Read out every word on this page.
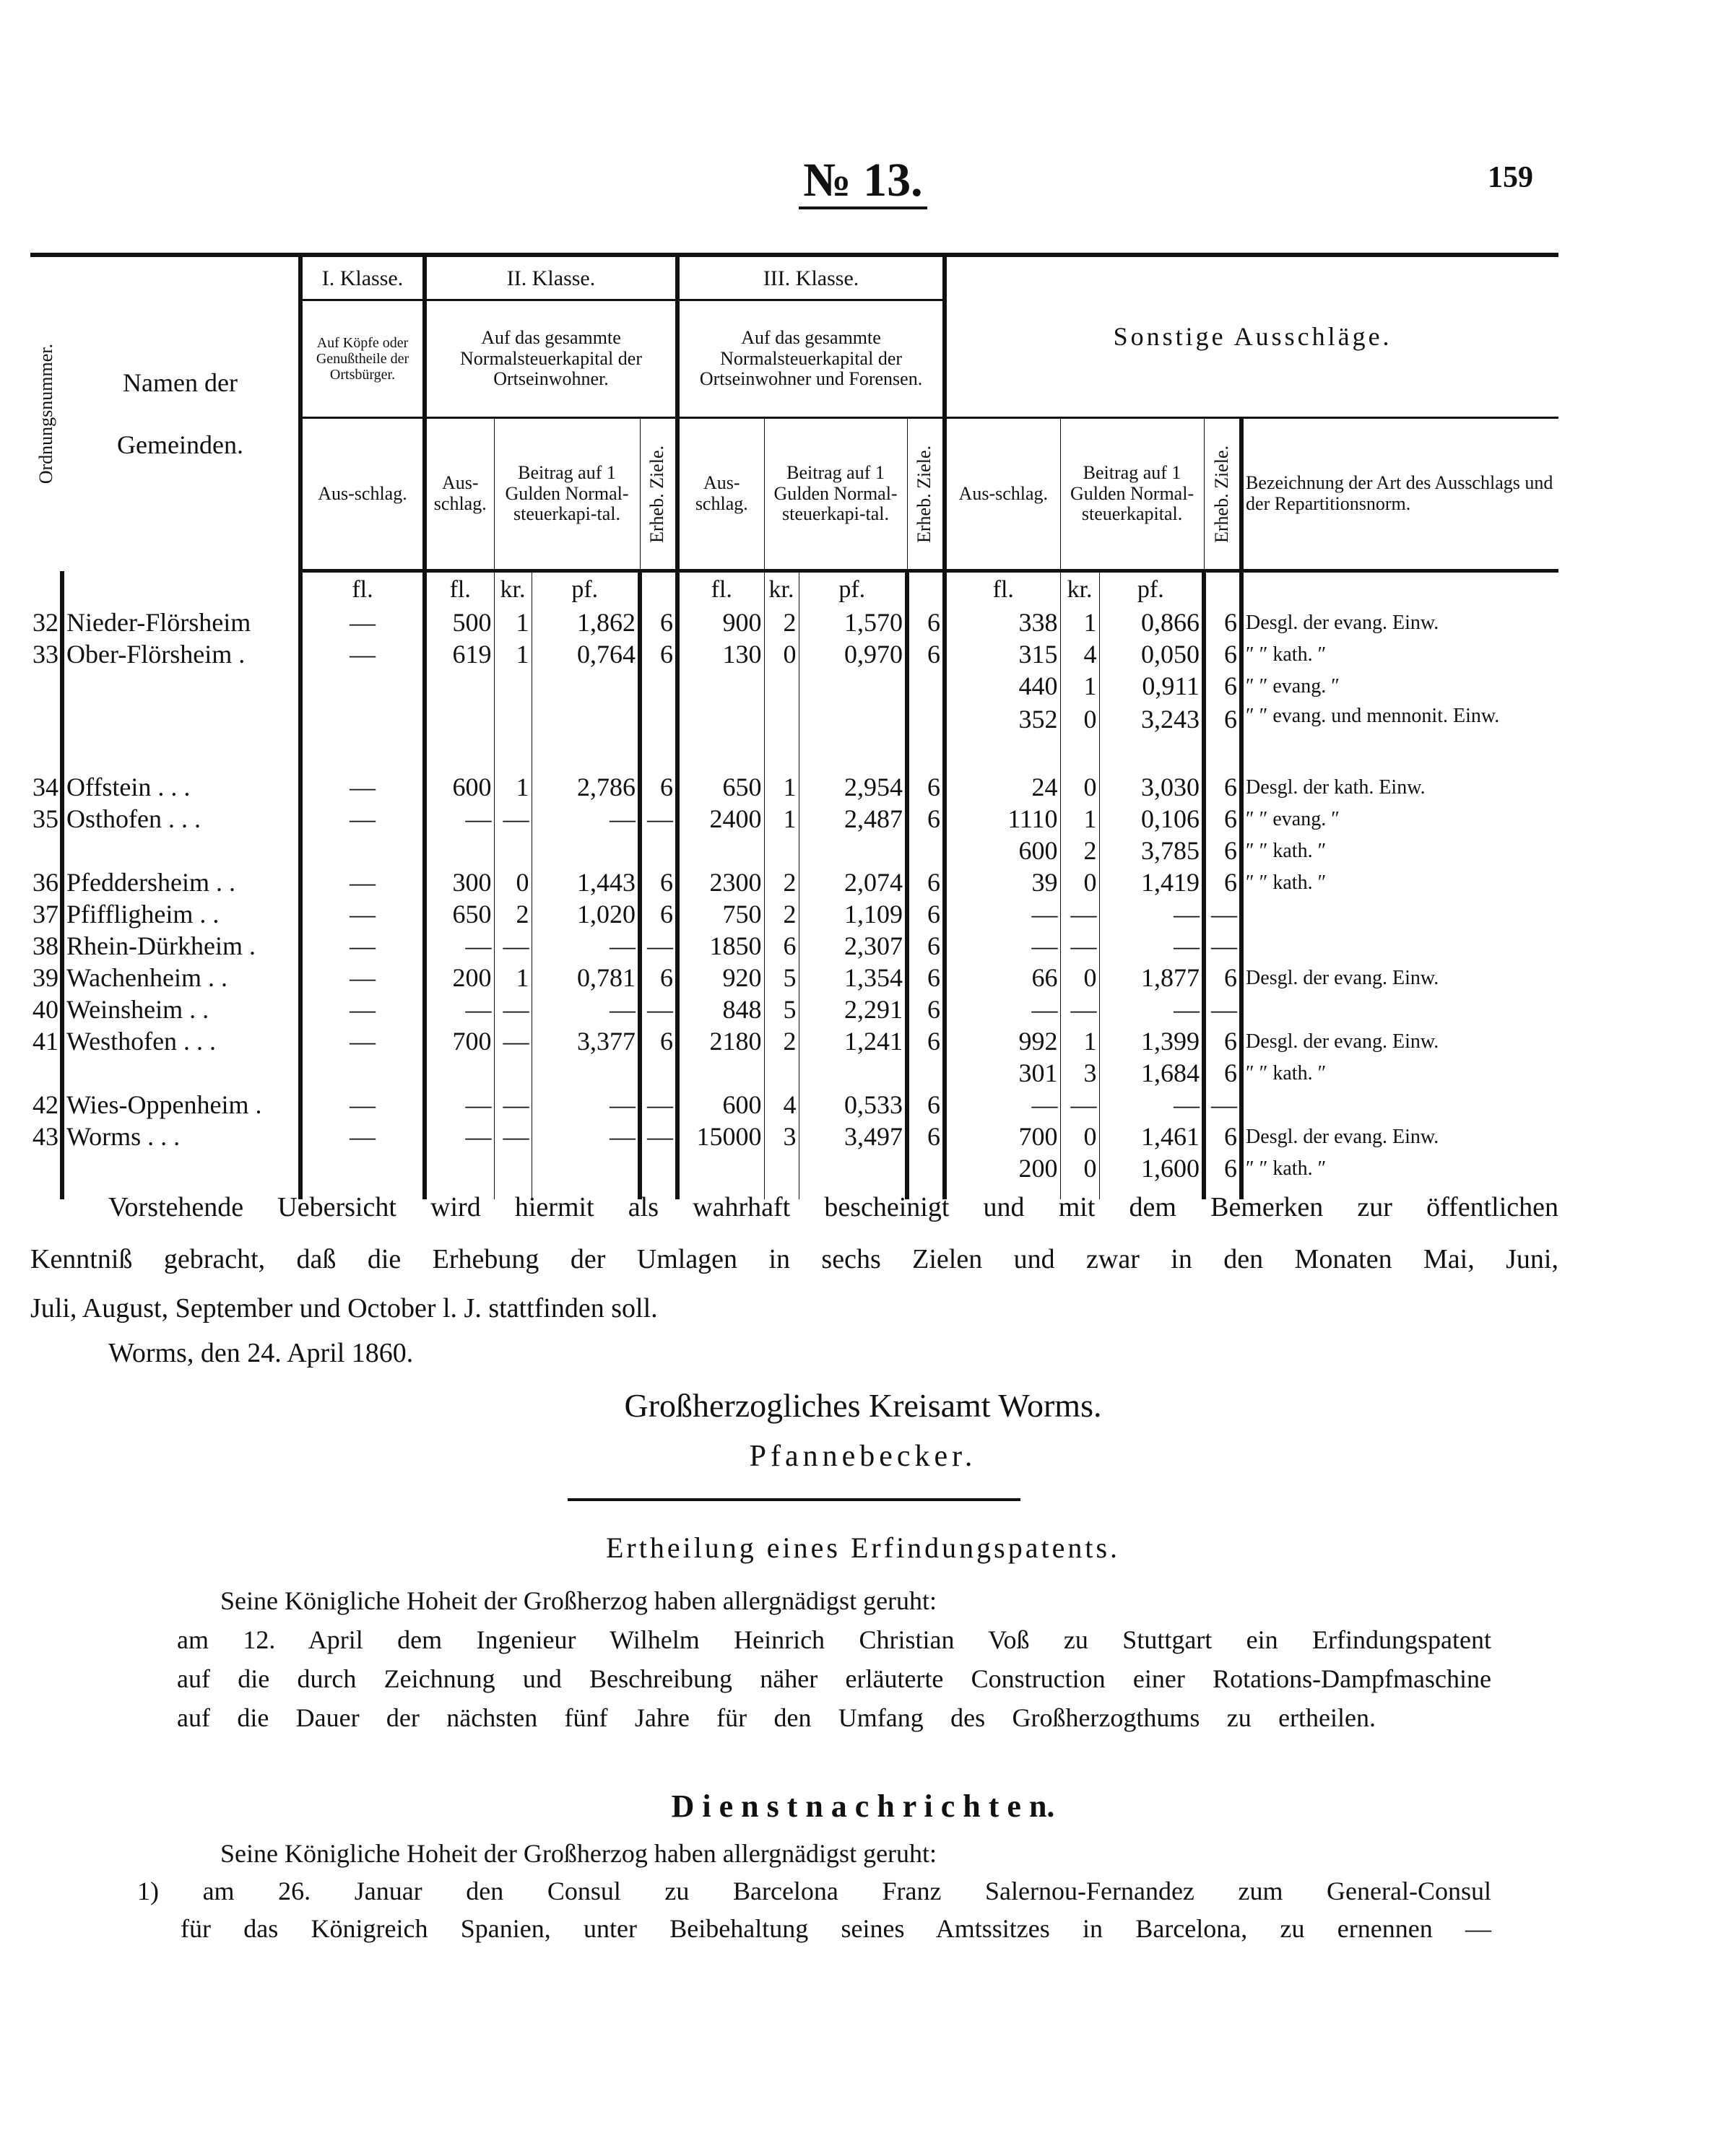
№ 13.	159
Ordnungsnummer.	Namen der Gemeinden.	I. Klasse.	II. Klasse.				III. Klasse.				Sonstige Ausschläge.				
		Auf Köpfe oder Genußtheile der Ortsbürger.	Auf das gesammte Normalsteuerkapital der Ortseinwohner.				Auf das gesammte Normalsteuerkapital der Ortseinwohner und Forensen.								
		Aus-schlag.	Aus-schlag.	Beitrag auf 1 Gulden Normal-steuerkapi-tal.		Erheb. Ziele.	Aus-schlag.	Beitrag auf 1 Gulden Normal-steuerkapi-tal.		Erheb. Ziele.	Aus-schlag.	Beitrag auf 1 Gulden Normal-steuerkapital.		Erheb. Ziele.	Bezeichnung der Art des Ausschlags und der Repartitionsnorm.
		fl.	fl.	kr.	pf.		fl.	kr.	pf.		fl.	kr.	pf.		
32	Nieder-Flörsheim	—	500	1	1,862	6	900	2	1,570	6	338	1	0,866	6	Desgl. der evang. Einw.
33	Ober-Flörsheim .	—	619	1	0,764	6	130	0	0,970	6	315	4	0,050	6	″ ″ kath. ″
											440	1	0,911	6	″ ″ evang. ″
											352	0	3,243	6	″ ″ evang. und mennonit. Einw.
34	Offstein . . .	—	600	1	2,786	6	650	1	2,954	6	24	0	3,030	6	Desgl. der kath. Einw.
35	Osthofen . . .	—	—	—	—	—	2400	1	2,487	6	1110	1	0,106	6	″ ″ evang. ″
											600	2	3,785	6	″ ″ kath. ″
36	Pfeddersheim . .	—	300	0	1,443	6	2300	2	2,074	6	39	0	1,419	6	″ ″ kath. ″
37	Pfiffligheim . .	—	650	2	1,020	6	750	2	1,109	6	—	—	—	—	
38	Rhein-Dürkheim .	—	—	—	—	—	1850	6	2,307	6	—	—	—	—	
39	Wachenheim . .	—	200	1	0,781	6	920	5	1,354	6	66	0	1,877	6	Desgl. der evang. Einw.
40	Weinsheim . .	—	—	—	—	—	848	5	2,291	6	—	—	—	—	
41	Westhofen . . .	—	700	—	3,377	6	2180	2	1,241	6	992	1	1,399	6	Desgl. der evang. Einw.
											301	3	1,684	6	″ ″ kath. ″
42	Wies-Oppenheim .	—	—	—	—	—	600	4	0,533	6	—	—	—	—	
43	Worms . . .	—	—	—	—	—	15000	3	3,497	6	700	0	1,461	6	Desgl. der evang. Einw.
											200	0	1,600	6	″ ″ kath. ″

Vorstehende Uebersicht wird hiermit als wahrhaft bescheinigt und mit dem Bemerken zur öffentlichen
Kenntniß gebracht, daß die Erhebung der Umlagen in sechs Zielen und zwar in den Monaten Mai, Juni,
Juli, August, September und October l. J. stattfinden soll.
Worms, den 24. April 1860.
Großherzogliches Kreisamt Worms.
Pfannebecker.
Ertheilung eines Erfindungspatents.
Seine Königliche Hoheit der Großherzog haben allergnädigst geruht:
am 12. April dem Ingenieur Wilhelm Heinrich Christian Voß zu Stuttgart ein Erfindungspatent
auf die durch Zeichnung und Beschreibung näher erläuterte Construction einer Rotations-Dampfmaschine
auf die Dauer der nächsten fünf Jahre für den Umfang des Großherzogthums zu ertheilen.
D i e n s t n a c h r i c h t e n.
Seine Königliche Hoheit der Großherzog haben allergnädigst geruht:
1) am 26. Januar den Consul zu Barcelona Franz Salernou-Fernandez zum General-Consul
für das Königreich Spanien, unter Beibehaltung seines Amtssitzes in Barcelona, zu ernennen —
